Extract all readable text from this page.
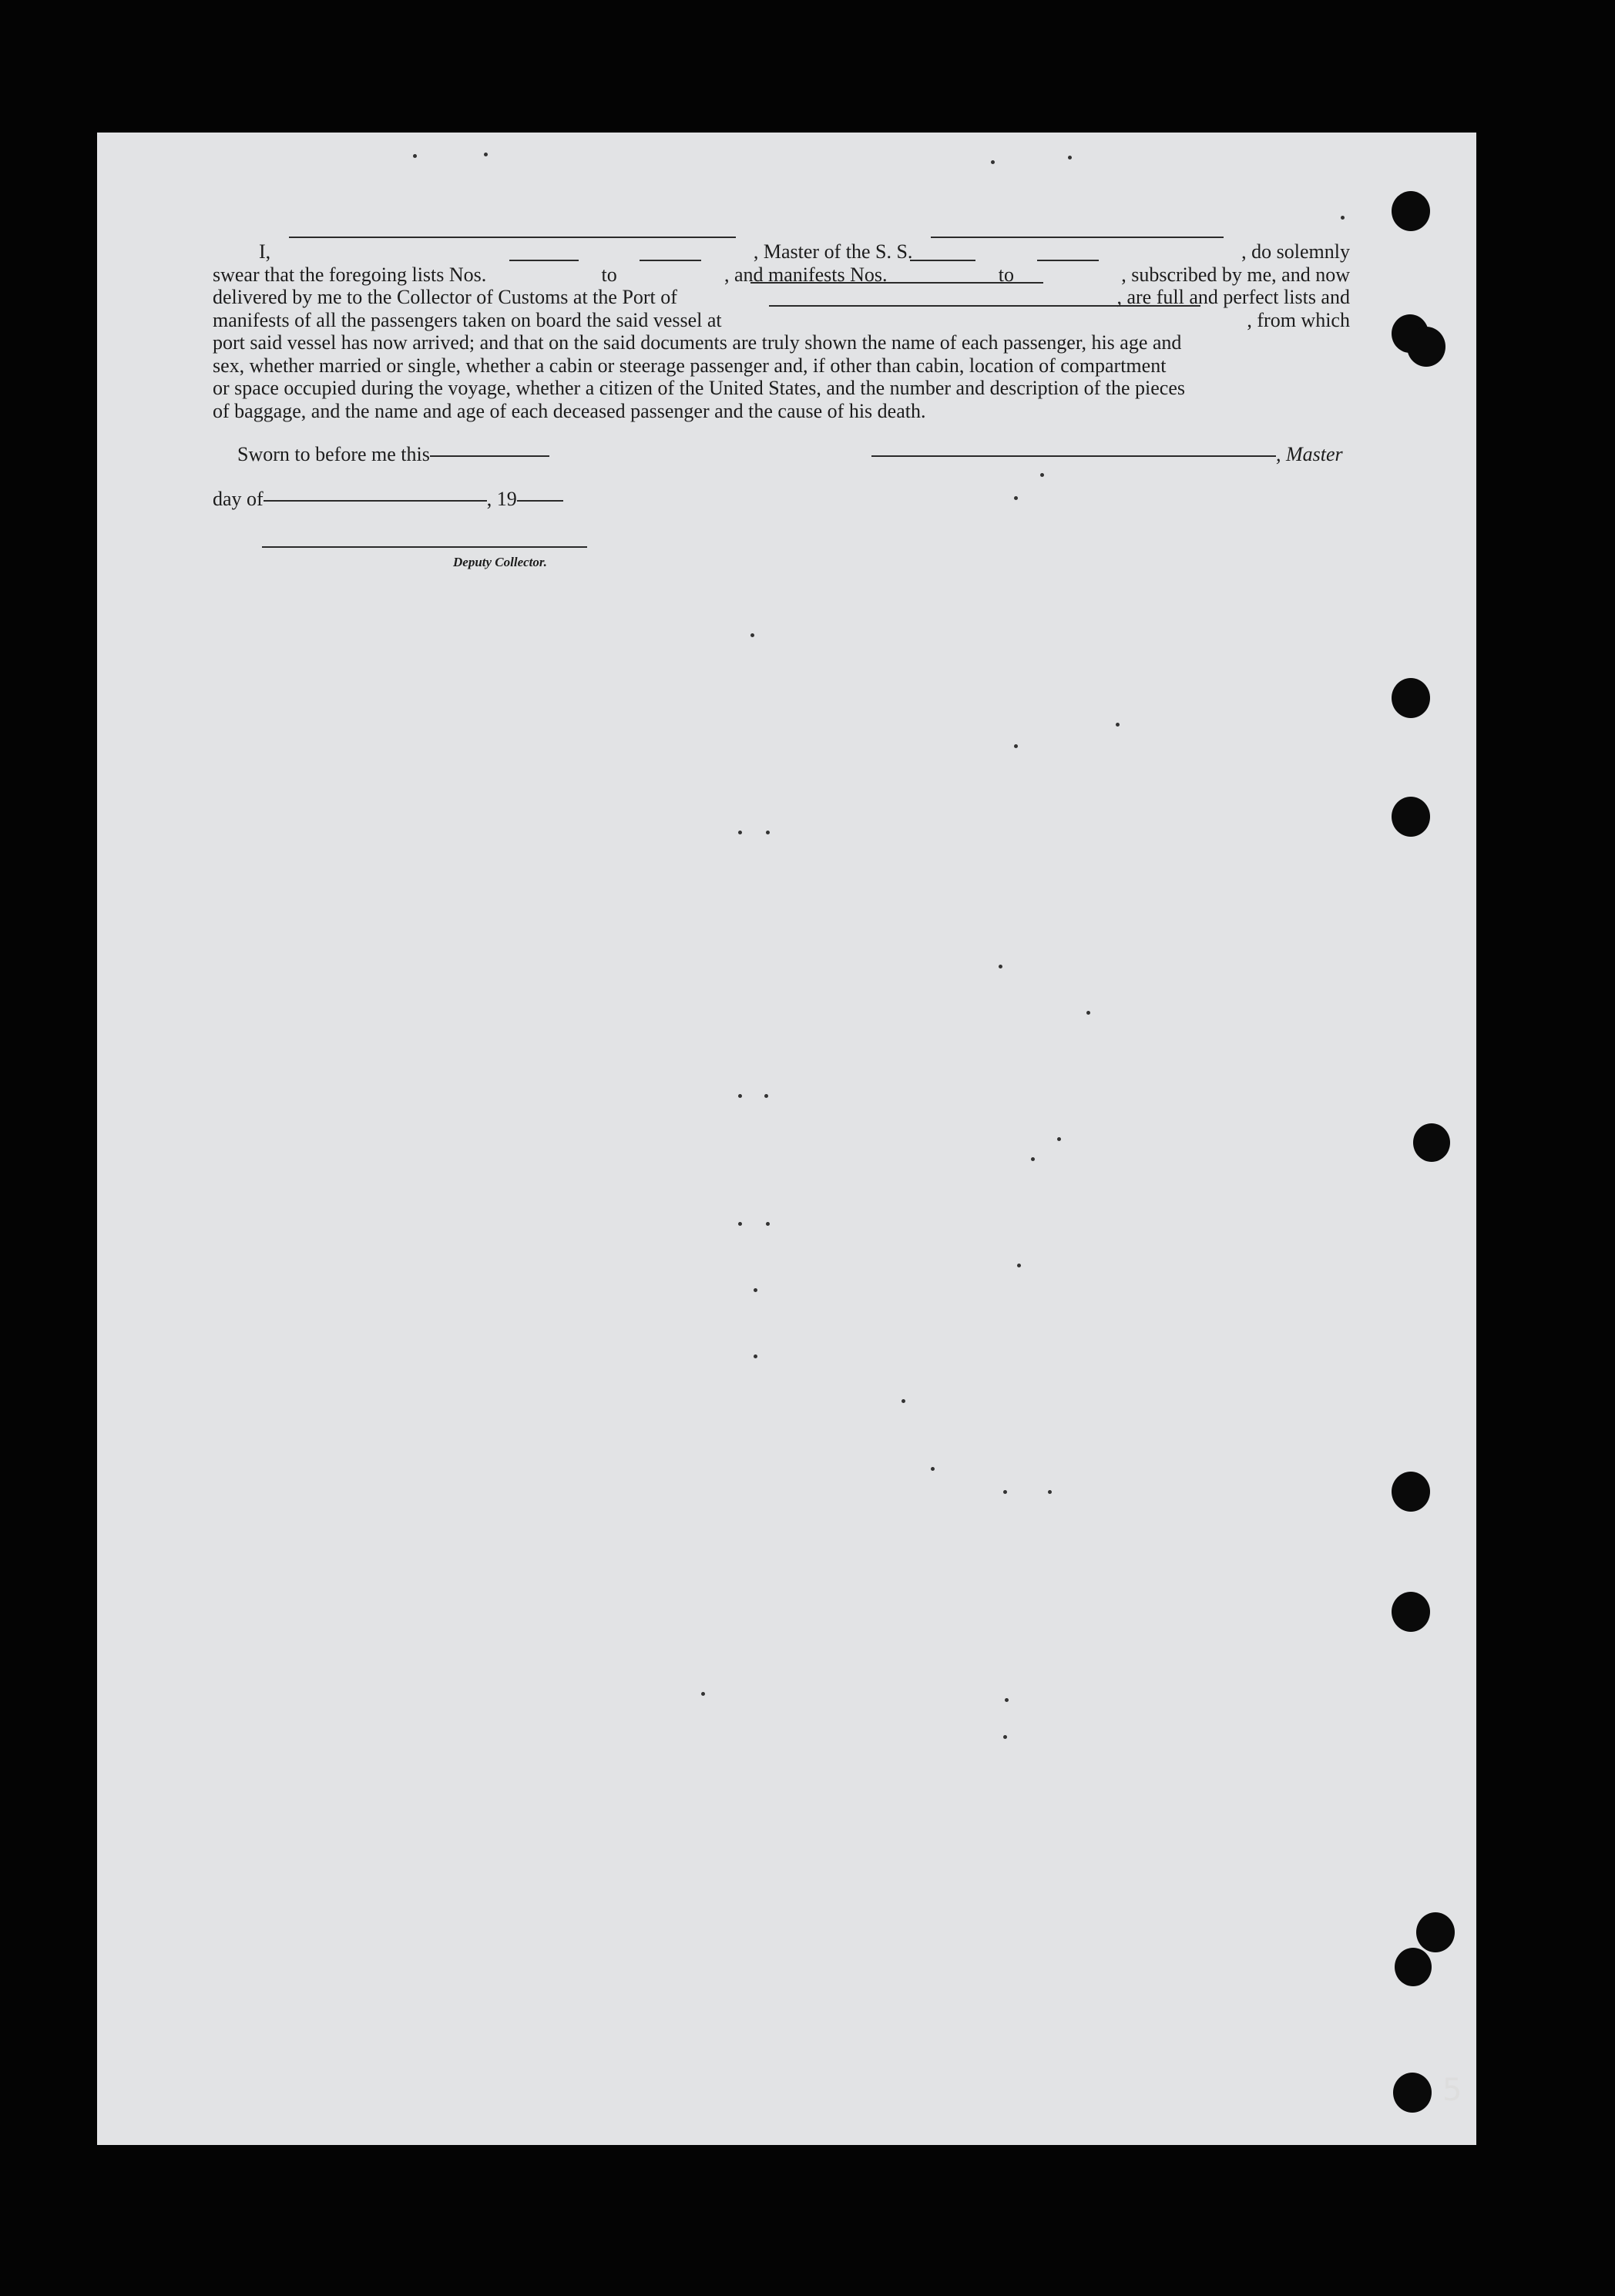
I,	, Master of the S. S.	, do solemnly
swear that the foregoing lists Nos.	to	, and manifests Nos.	to	, subscribed by me, and now
delivered by me to the Collector of Customs at the Port of	, are full and perfect lists and
manifests of all the passengers taken on board the said vessel at	, from which
port said vessel has now arrived; and that on the said documents are truly shown the name of each passenger, his age and
sex, whether married or single, whether a cabin or steerage passenger and, if other than cabin, location of compartment
or space occupied during the voyage, whether a citizen of the United States, and the number and description of the pieces
of baggage, and the name and age of each deceased passenger and the cause of his death.
Sworn to before me this	, Master
day of	, 19
Deputy Collector.
5
